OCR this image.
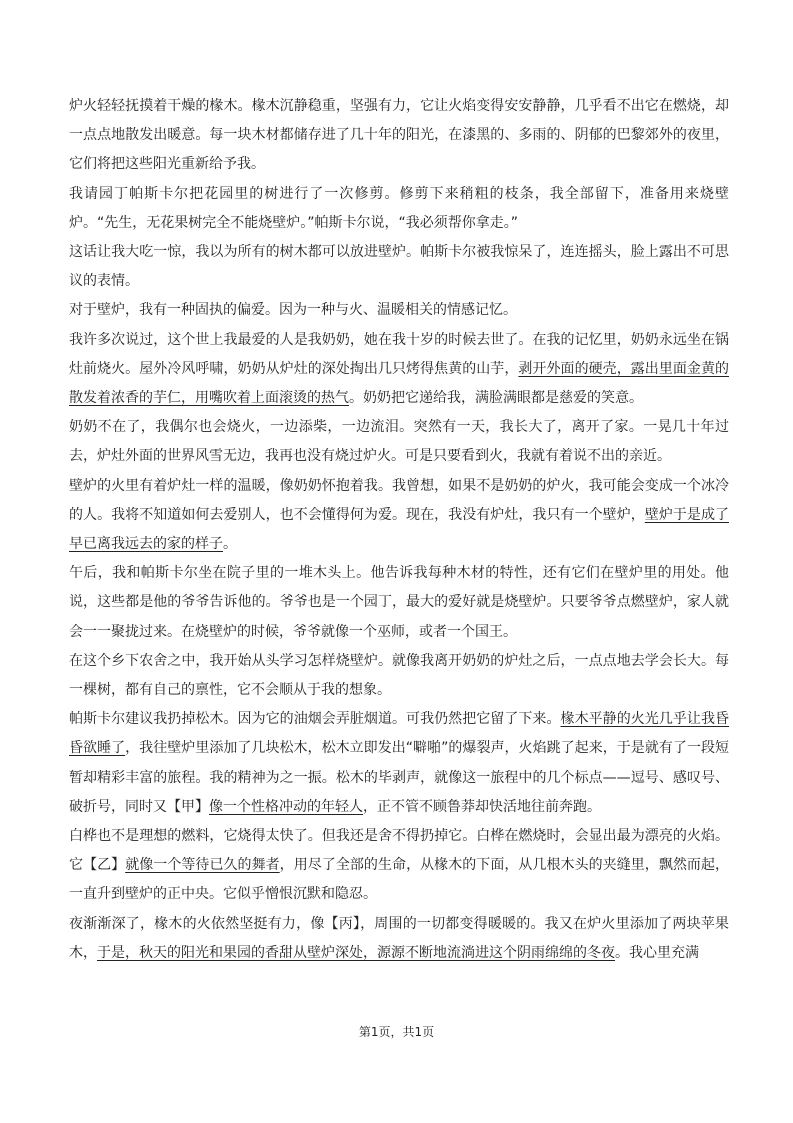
炉火轻轻抚摸着干燥的椽木。椽木沉静稳重，坚强有力，它让火焰变得安安静静，几乎看不出它在燃烧，却一点点地散发出暖意。每一块木材都储存进了几十年的阳光，在漆黑的、多雨的、阴郁的巴黎郊外的夜里，它们将把这些阳光重新给予我。

我请园丁帕斯卡尔把花园里的树进行了一次修剪。修剪下来稍粗的枝条，我全部留下，准备用来烧壁炉。“先生，无花果树完全不能烧壁炉。”帕斯卡尔说，“我必须帮你拿走。”

这话让我大吃一惊，我以为所有的树木都可以放进壁炉。帕斯卡尔被我惊呆了，连连摇头，脸上露出不可思议的表情。

对于壁炉，我有一种固执的偏爱。因为一种与火、温暖相关的情感记忆。

我许多次说过，这个世上我最爱的人是我奶奶，她在我十岁的时候去世了。在我的记忆里，奶奶永远坐在锅灶前烧火。屋外冷风呼啸，奶奶从炉灶的深处掏出几只烤得焦黄的山芋，剥开外面的硬壳，露出里面金黄的散发着浓香的芋仁，用嘴吹着上面滚烫的热气。奶奶把它递给我，满脸满眼都是慈爱的笑意。

奶奶不在了，我偶尔也会烧火，一边添柴，一边流泪。突然有一天，我长大了，离开了家。一晃几十年过去，炉灶外面的世界风雪无边，我再也没有烧过炉火。可是只要看到火，我就有着说不出的亲近。

壁炉的火里有着炉灶一样的温暖，像奶奶怀抱着我。我曾想，如果不是奶奶的炉火，我可能会变成一个冰冷的人。我将不知道如何去爱别人，也不会懂得何为爱。现在，我没有炉灶，我只有一个壁炉，壁炉于是成了早已离我远去的家的样子。

午后，我和帕斯卡尔坐在院子里的一堆木头上。他告诉我每种木材的特性，还有它们在壁炉里的用处。他说，这些都是他的爷爷告诉他的。爷爷也是一个园丁，最大的爱好就是烧壁炉。只要爷爷点燃壁炉，家人就会一一聚拢过来。在烧壁炉的时候，爷爷就像一个巫师，或者一个国王。

在这个乡下农舍之中，我开始从头学习怎样烧壁炉。就像我离开奶奶的炉灶之后，一点点地去学会长大。每一棵树，都有自己的禀性，它不会顺从于我的想象。

帕斯卡尔建议我扔掉松木。因为它的油烟会弄脏烟道。可我仍然把它留了下来。椽木平静的火光几乎让我昏昏欲睡了，我往壁炉里添加了几块松木，松木立即发出“噼啪”的爆裂声，火焰跳了起来，于是就有了一段短暂却精彩丰富的旅程。我的精神为之一振。松木的毕剥声，就像这一旅程中的几个标点——逗号、感叹号、破折号，同时又【甲】像一个性格冲动的年轻人，正不管不顾鲁莽却快活地往前奔跑。

白桦也不是理想的燃料，它烧得太快了。但我还是舍不得扔掉它。白桦在燃烧时，会显出最为漂亮的火焰。它【乙】就像一个等待已久的舞者，用尽了全部的生命，从椽木的下面，从几根木头的夹缝里，飘然而起，一直升到壁炉的正中央。它似乎憎恨沉默和隐忍。

夜渐渐深了，椽木的火依然坚挺有力，像【丙】，周围的一切都变得暖暖的。我又在炉火里添加了两块苹果木，于是，秋天的阳光和果园的香甜从壁炉深处，源源不断地流淌进这个阴雨绵绵的冬夜。我心里充满

第1页，共1页
